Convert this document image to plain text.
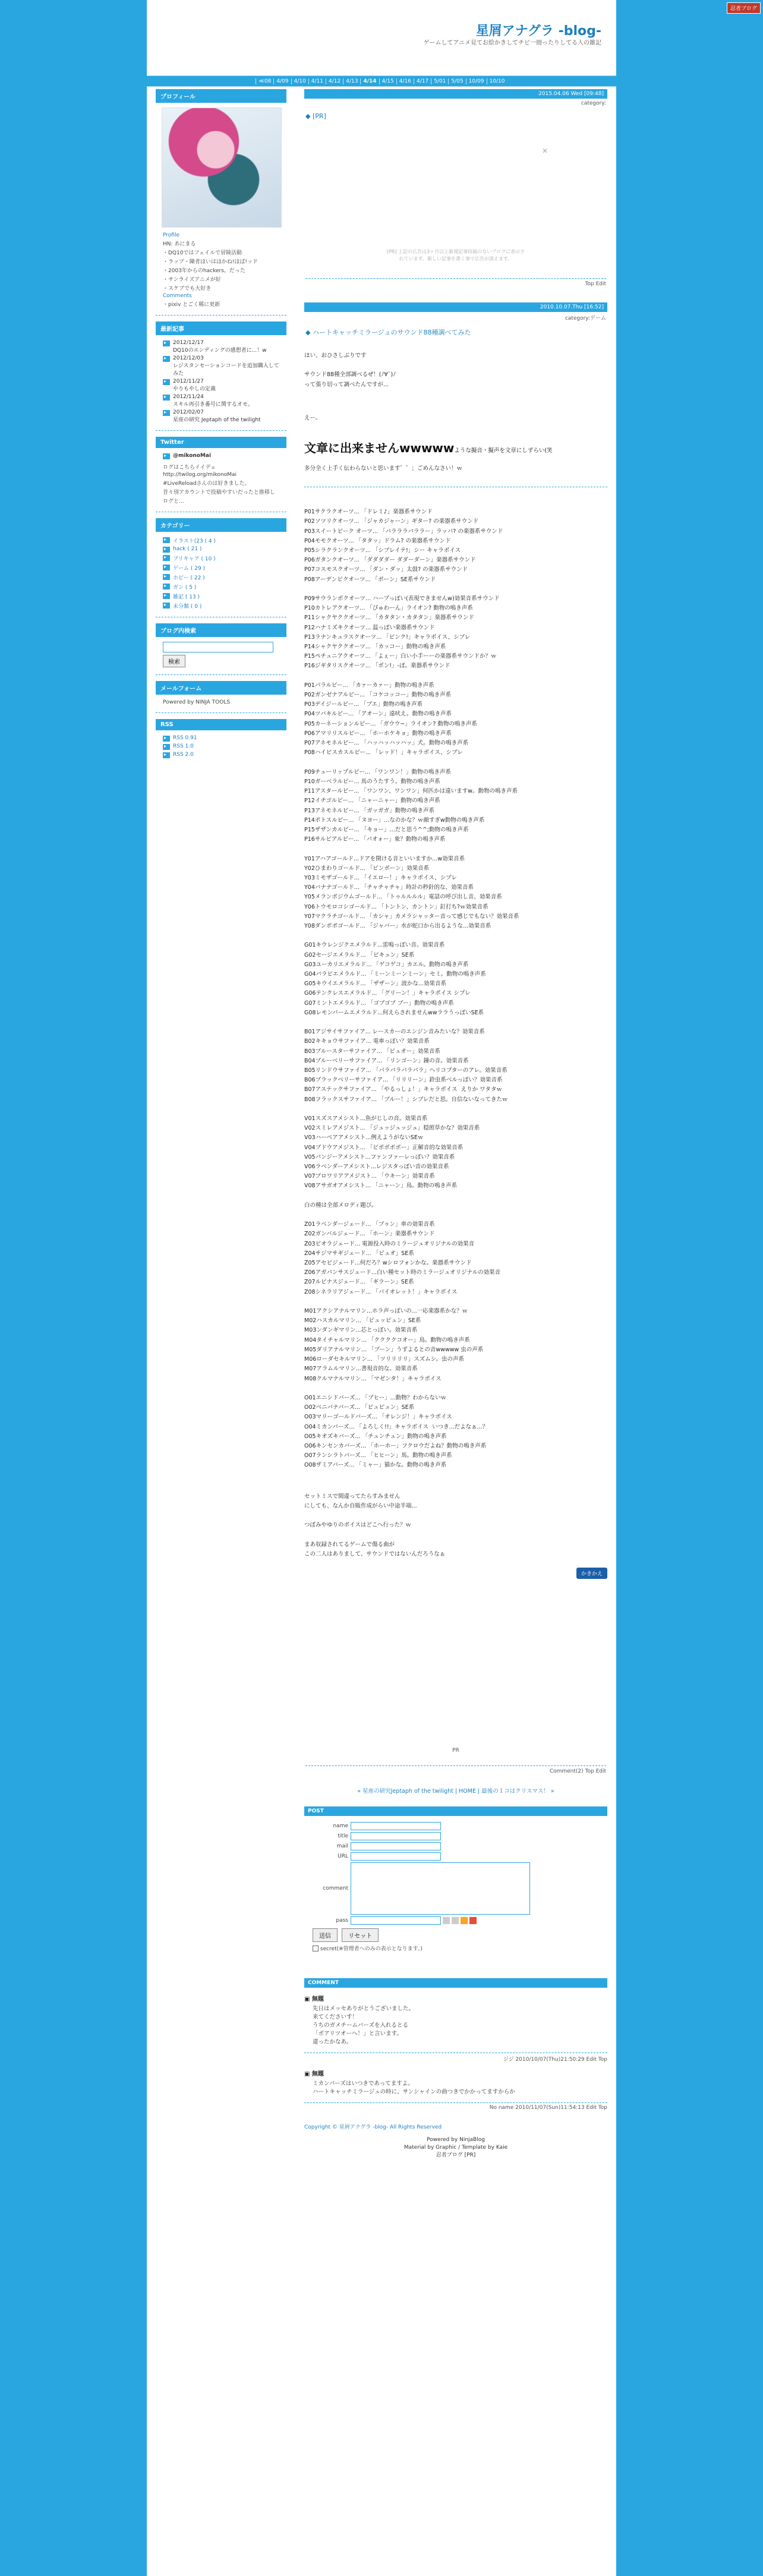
忍者ブログ
星屑アナグラ -blog-
ゲームしてアニメ見てお絵かきしてチビ一冊ったりしてる人の雑記
≪08	4/09	4/10	4/11	4/12	4/13	4/14	4/15	4/16	4/17	5/01	5/05	10/09	10/10
プロフィール

Profile

HN: あにまる

・DQ10ではフェイルで冒険活動

・ラップ・陳者ほいはほかね!ほば!ッド

・2003年からのhackers。だった

・サンライズアニメが好

・スケブでも大好き

Comments

・pixiv とごく稀に更新

最新記事
▸
2012/12/17
DQ10のエンディングの感想者に...！w
▸
2012/12/03
レジスタンセーションコードを追加購入してみた
▸
2012/11/27
やりもやしの定義
▸
2012/11/24
スキル再引き番号に関するオモ。
▸
2012/02/07
星座の研究 Jeptaph of the twilight
Twitter
▸
@mikonoMai
ログはこちらイイデェ
http://twilog.org/mikonoMai
#LiveReloadさんのは好きました。
昔々別アカウントで投稿やすいだったと推移し
ログと...
カテゴリー
▸
イラスト(23 ( 4 )
▸
hack ( 21 )
▸
ブリキャア ( 10 )
▸
ゲーム ( 29 )
▸
ホビー ( 22 )
▸
ガン ( 5 )
▸
雑記 ( 13 )
▸
未分類 ( 0 )
ブログ内検索
検索
メールフォーム
Powered by NINJA TOOLS
RSS
▸
RSS 0.91
▸
RSS 1.0
▸
RSS 2.0
2015.04.06 Wed [09:48]
category:
◆ [PR]
✕
[PR] 上記の広告は3ヶ月以上新規記事投稿のないブログに表示さ
れています。新しい記事を書く事で広告が消えます。
Top Edit
2010.10.07.Thu [16:52]
category:ゲーム
◆ ハートキャッチミラージュのサウンド88種調べてみた

ほい、おひさしぶりです

サウンド88種全部調べるぜ！(ﾉ∀`)ﾉ

って張り切って調べたんですが...

えー。

文章に出来ませんwwwwwような擬音・擬声を文章にしずらい(笑

多分全く上手く伝わらないと思います゜゜；ごめんなさい！ｗ

P01サクラクオーツ... 「ドレミ♪」楽器系サウンド

P02ソツリクオーツ... 「ジャカジャーン」ギター? の楽器系サウンド

P03スイートピーク オーツ... 「パラララパララー」ラッパ? の楽器系サウンド

P04モモクオーツ... 「タタッ」ドラム? の楽器系サウンド

P05シラクランクオーツ... 「シブレイテ!」シー キャラボイス

P06ガタンクオーツ... 「ダダダダー ダダーダーン」楽器系サウンド

P07コスモスクオーツ... 「ダン・ダッ」太鼓? の楽器系サウンド

P08アーデンピクオーツ... 「ボーン」SE系サウンド

P09サウランボクオーツ... ハープっぽい(表現できませんw)効果音系サウンド

P10カトレアクオーツ... 「ぴゅわーん」ライオン? 動物の鳴き声系

P11シャクヤククオーツ... 「カタタン・カタタン」楽器系サウンド

P12ハナミズキクオーツ... 温っぽい楽器系サウンド

P13ラナンキュラスクオーツ... 「ピンク!」キャラボイス、シブレ

P14シャクヤククオーツ... 「カッコー」動物の鳴き声系

P15ペチュニアクオーツ... 「よぇー」白い小手ーーの楽器系サウンドか？ｗ

P16ジギタリスクオーツ... 「ボン!」-ぽ。楽器系サウンド

P01パラルビー... 「カァーカァー」動物の鳴き声系

P02ガンゼナアルビー... 「コケコッコー」動物の鳴き声系

P03デイジールビー... 「ブエ」動物の鳴き声系

P04ツバキルビー... 「アオーン」遠吠え。動物の鳴き声系

P05カーネーションルビー... 「ガウウ~」ライオン? 動物の鳴き声系

P06アマリリスルビー... 「ホーホケキョ」動物の鳴き声系

P07アネモネルビー... 「ハッハッハッハッ」犬。動物の鳴き声系

P08ハイビスカスルビー... 「レッド！」キャラボイス、シブレ

P09チューリップルビー... 「ワンワン！」動物の鳴き声系

P10ガーベラルビー... 馬のうたすう。動物の鳴き声系

P11アスタールビー... 「ワンワン、ワンワン」何匹かは遠いますw。動物の鳴き声系

P12イチゴルビー... 「ニャーニャー」動物の鳴き声系

P13アネモネルビー... 「ガッガガ」動物の鳴き声系

P14ポトスルビー... 「ヌヨー」…なのかな？ｗ顔すぎw動物の鳴き声系

P15ザザンカルビー... 「キョー」…だと思う^^;動物の鳴き声系

P16サルビアルビー... 「パオォー」象？動物の鳴き声系

Y01アハアゴールド...ドアを開ける音といいますか...w効果音系

Y02ひまわりゴールド... 「ピンポーン」効果音系

Y03ミモザゴールド... 「イエロー！」キャラボイス、シプレ

Y04バナナゴールド... 「チャチャチャ」時計の秒針的な、効果音系

Y05メランポジウムゴールド... 「トゥルルルル」電話の呼び出し音、効果音系

Y06トウモロコシゴールド... 「トントン、カントン」釘打ち?ｗ効果音系

Y07マクラチゴールド... 「カシャ」カメラシャッター音って感じでもない？効果音系

Y08ダンポポゴールド... 「ジャバー」水が蛇口から出るような...効果音系

G01キウレンジクエメラルド...雷鳴っぽい音。効果音系

G02セージエメラルド... 「ピキュン」SE系

G03ユーカリエメラルド... 「ゲコゲコ」カエル。動物の鳴き声系

G04バラピエメラルド... 「ミーンミーンミーン」セミ。動物の鳴き声系

G05キウイエメラルド... 「ザザーン」波かな...効果音系

G06テンクレスエメラルド... 「グリーン！」キャラボイス シプレ

G07ミントエメラルド... 「ゴブゴブ ブー」動物の鳴き声系

G08レモンバームエメラルド...何えらされませんwwララうっぽいSE系

B01アジサイサファイア... レースカーのエンジン音みたいな？効果音系

B02キキョウサファイア... 電車っぽい？効果音系

B03ブルースターサファイア... 「ピュオー」効果音系

B04ブルーベリーサファイア... 「リンゴーン」鐘の音。効果音系

B05リンドウサファイア... 「パラパラパラパラ」ヘリコプターのアレ。効果音系

B06ブラックベリーサファイア... 「リリリーン」鈴虫系べルっぽい？効果音系

B07アステックサファイア... 「やるっしょ！」キャラボイス  えりか ワタタｗ

B08フラックスサファイア... 「ブルー！」シブレだと思。自信ないなってきたｗ

V01スズスアメシスト...魚がじしの音。効果音系

V02スミレアメジスト... 「ジュッジュッジュ」穏照草かな？効果音系

V03ハーベアアメシスト...例えようがないSEｗ

V04ブドウアメジスト... 「ピポポポポー」正解音的な効果音系

V05パンジーアメシスト...ファンファーレっぽい？効果音系

V06ラベンダーアメシスト...レジスタっぽい音の効果音系

V07ブロワリアアメジスト... 「ウキーン」効果音系

V08アサガオアメシスト... 「ニャーン」鳥。動物の鳴き声系

白の種は全部メロディ題び。

Z01ラベンダージェード... 「ブゥン」車の効果音系

Z02ガンバルジェード... 「ホーン」楽器系サウンド

Z03ビオラジェード... 電源投入時のミラージュオリジナルの効果音

Z04サジマサギジェード... 「ピュオ」SE系

Z05アセビジェード...何だろ？wシロフォンかな。楽器系サウンド

Z06アガパンサスジェード...白い種セット時のミラージュオリジナルの効果音

Z07ルピナスジェード... 「ギラーン」SE系

Z08シネラリアジェード... 「パイオレット！」キャラボイス

M01アクシアナルマリン...ホラ声っぽいの...一応楽器系かな？ｗ

M02ハスカルマリン... 「ピュッピュン」SE系

M03ンダンギマリン...芯とっぽい。効果音系

M04タイチャルマリン... 「ククククコオー」鳥。動物の鳴き声系

M05ダリアナルマリン... 「ブーン」うずよるとの音wwwww 虫の声系

M06ローダセキルマリン... 「ツリリリリ」スズムシ。虫の声系

M07アラムルマリン...書現音的な。効果音系

M08クルマナルマリン... 「マゼンタ！」キャラボイス

O01エニシドバーズ... 「ブヒー」...動物？わからないｗ

O02ベニバナバーズ... 「ピュピュン」SE系

O03マリーゴールドバーズ... 「オレンジ！」キャラボイス

O04ミカンバーズ... 「よろしく!!」キャラボイス  いつき...だよなぁ...？

O05キオズキバーズ... 「チュンチュン」動物の鳴き声系

O06キンセンカバーズ... 「ホーホー」フクロウだよね？動物の鳴き声系

O07ランシラトバーズ... 「ヒヒーン」馬。動物の鳴き声系

O08ザミアバーズ... 「ミャー」猫かな。動物の鳴き声系

セットミスで間違ってたらすみません

にしても、なんか自販作成がらい中途半端...

つぼみやゆりのボイスはどこへ行った？ｗ

まあ収録されてるゲームで傷る曲が

この二人はありまして、サウンドではないんだろうなぁ

かきかえ
PR
Comment(2) Top Edit
« 星座の研究Jeptaph of the twilight | HOME | 最後の１コはクリスマス！ »
POST
name
title
mail
URL
comment
pass
送信	リセット
secret(※管理者へのみの表示となります。)
COMMENT
▣ 無題

先日はメッセありがとうございました。

来てくださいす！

うちのガメチームバーズを入れるとる

「ポアリツオーへ！」と言います。

違ったかなあ。

ジジ 2010/10/07(Thu)21:50:29 Edit Top
▣ 無題

ミカンバーズはいつきであってますよ。

ハートキャッチミラージュの時に、サンシャインの曲つきでかかってますからか

No name 2010/11/07(Sun)11:54:13 Edit Top
Copyright © 星屑アナグラ -blog- All Rights Reserved
Powered by NinjaBlog
Material by Graphic / Template by Kaie
忍者ブログ [PR]
